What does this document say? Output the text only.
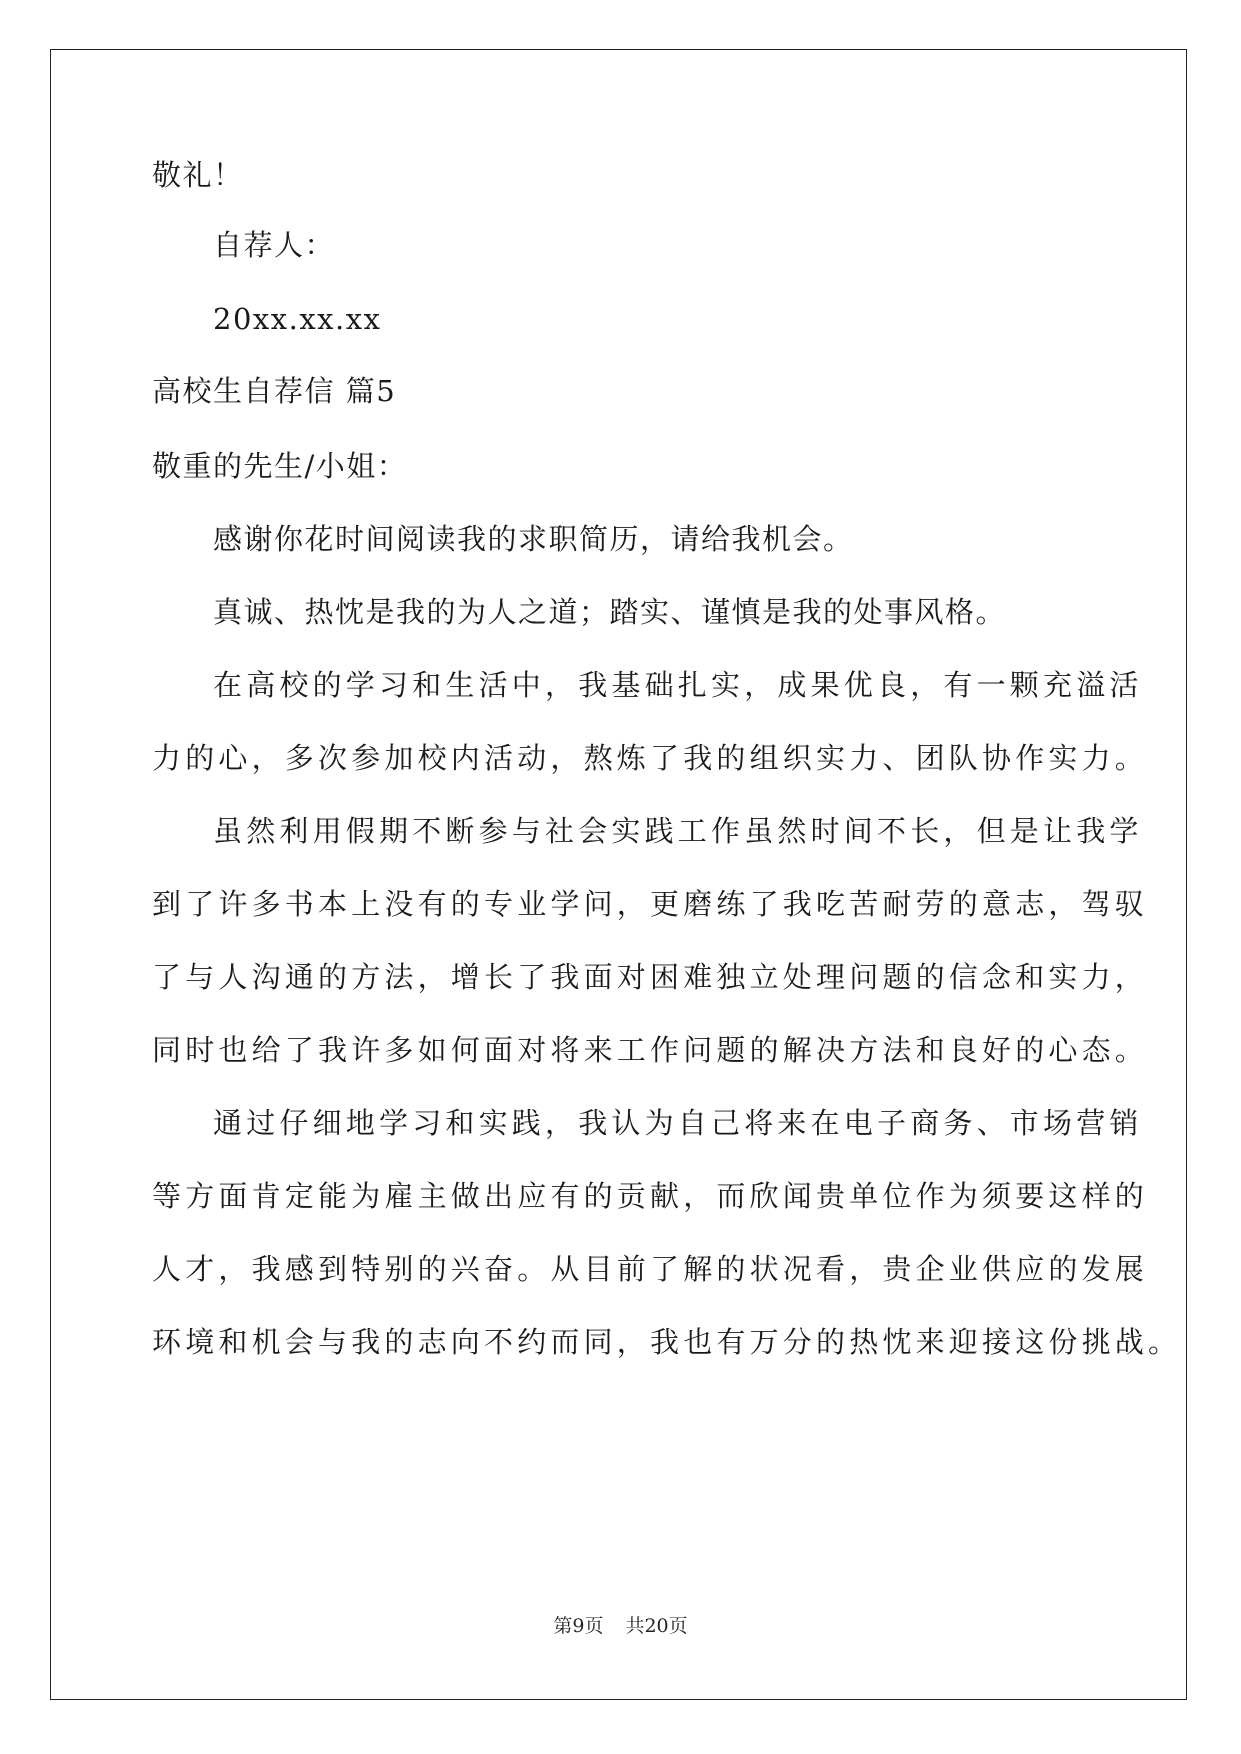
敬礼！
自荐人：
20xx.xx.xx
高校生自荐信 篇5
敬重的先生/小姐：
感谢你花时间阅读我的求职简历，请给我机会。
真诚、热忱是我的为人之道；踏实、谨慎是我的处事风格。
在高校的学习和生活中，我基础扎实，成果优良，有一颗充溢活
力的心，多次参加校内活动，熬炼了我的组织实力、团队协作实力。
虽然利用假期不断参与社会实践工作虽然时间不长，但是让我学
到了许多书本上没有的专业学问，更磨练了我吃苦耐劳的意志，驾驭
了与人沟通的方法，增长了我面对困难独立处理问题的信念和实力，
同时也给了我许多如何面对将来工作问题的解决方法和良好的心态。
通过仔细地学习和实践，我认为自己将来在电子商务、市场营销
等方面肯定能为雇主做出应有的贡献，而欣闻贵单位作为须要这样的
人才，我感到特别的兴奋。从目前了解的状况看，贵企业供应的发展
环境和机会与我的志向不约而同，我也有万分的热忱来迎接这份挑战。
第9页 共20页
